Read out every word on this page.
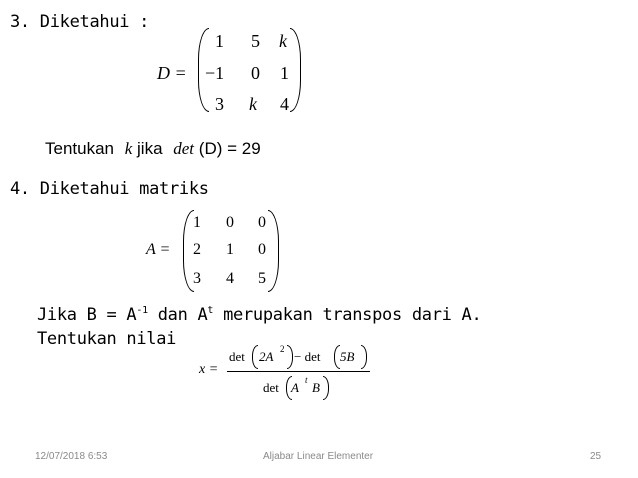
3. Diketahui :
D =
1 5 k
−1 0 1
3 k 4
Tentukan k jika det (D) = 29
4. Diketahui matriks
A =
1 0 0
2 1 0
3 4 5
Jika $B = A^{-1}$ dan $A^t$ merupakan transpos dari A.
Tentukan nilai
x =
det 2A 2 − det 5B
det A t B
12/07/2018 6:53	Aljabar Linear Elementer	25
